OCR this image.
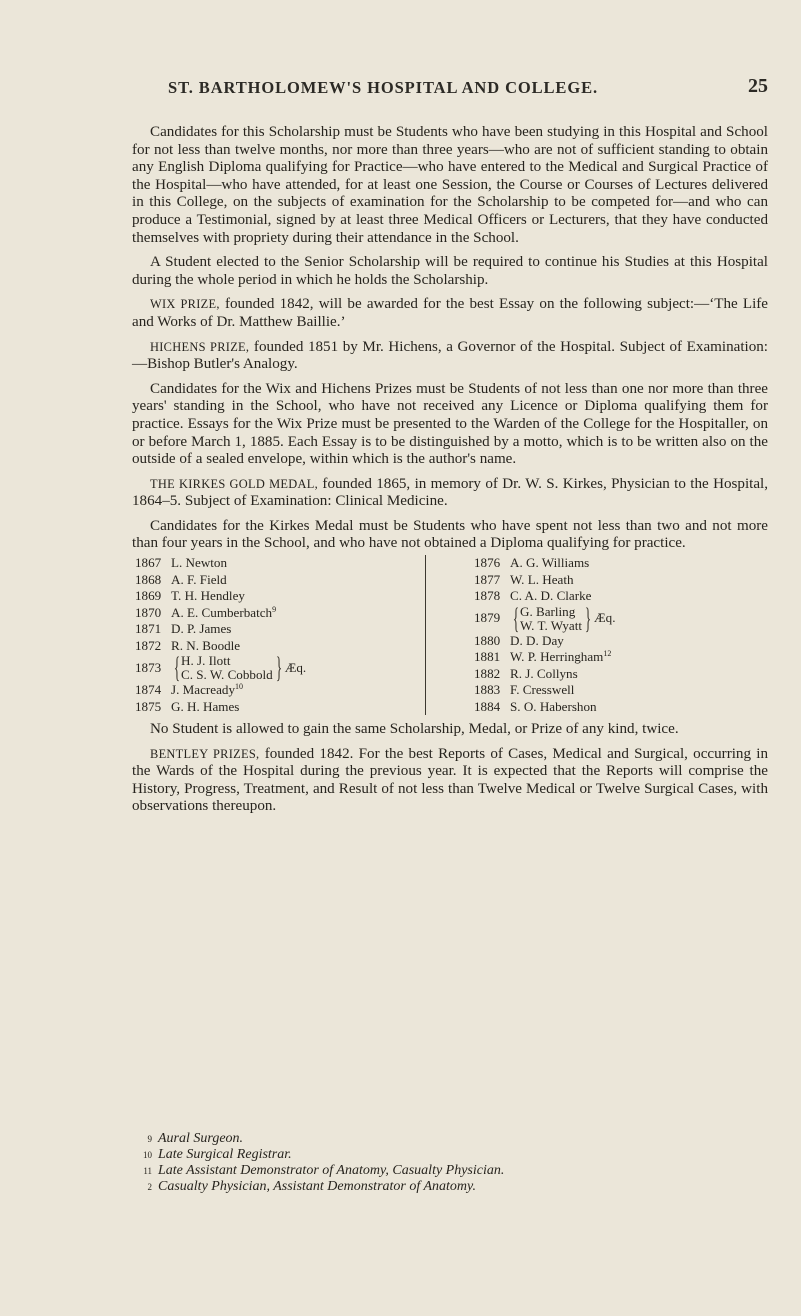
ST. BARTHOLOMEW'S HOSPITAL AND COLLEGE.	25

Candidates for this Scholarship must be Students who have been studying in this Hospital and School for not less than twelve months, nor more than three years—who are not of sufficient standing to obtain any English Diploma qualifying for Practice—who have entered to the Medical and Surgical Practice of the Hospital—who have attended, for at least one Session, the Course or Courses of Lectures delivered in this College, on the subjects of examination for the Scholarship to be competed for—and who can produce a Testimonial, signed by at least three Medical Officers or Lecturers, that they have conducted themselves with propriety during their attendance in the School.

A Student elected to the Senior Scholarship will be required to continue his Studies at this Hospital during the whole period in which he holds the Scholarship.

WIX PRIZE, founded 1842, will be awarded for the best Essay on the following subject:—‘The Life and Works of Dr. Matthew Baillie.’

HICHENS PRIZE, founded 1851 by Mr. Hichens, a Governor of the Hospital. Subject of Examination:—Bishop Butler's Analogy.

Candidates for the Wix and Hichens Prizes must be Students of not less than one nor more than three years' standing in the School, who have not received any Licence or Diploma qualifying them for practice. Essays for the Wix Prize must be presented to the Warden of the College for the Hospitaller, on or before March 1, 1885. Each Essay is to be distinguished by a motto, which is to be written also on the outside of a sealed envelope, within which is the author's name.

THE KIRKES GOLD MEDAL, founded 1865, in memory of Dr. W. S. Kirkes, Physician to the Hospital, 1864–5. Subject of Examination: Clinical Medicine.

Candidates for the Kirkes Medal must be Students who have spent not less than two and not more than four years in the School, and who have not obtained a Diploma qualifying for practice.

1867 L. Newton
1868 A. F. Field
1869 T. H. Hendley
1870 A. E. Cumberbatch$^9$
1871 D. P. James
1872 R. N. Boodle
1873 { H. J. Ilott
C. S. W. Cobbold } Æq.
1874 J. Macready$^{10}$
1875 G. H. Hames
1876 A. G. Williams
1877 W. L. Heath
1878 C. A. D. Clarke
1879 { G. Barling
W. T. Wyatt } Æq.
1880 D. D. Day
1881 W. P. Herringham$^{12}$
1882 R. J. Collyns
1883 F. Cresswell
1884 S. O. Habershon

No Student is allowed to gain the same Scholarship, Medal, or Prize of any kind, twice.

BENTLEY PRIZES, founded 1842. For the best Reports of Cases, Medical and Surgical, occurring in the Wards of the Hospital during the previous year. It is expected that the Reports will comprise the History, Progress, Treatment, and Result of not less than Twelve Medical or Twelve Surgical Cases, with observations thereupon.

9 Aural Surgeon.
10 Late Surgical Registrar.
11 Late Assistant Demonstrator of Anatomy, Casualty Physician.
2 Casualty Physician, Assistant Demonstrator of Anatomy.
